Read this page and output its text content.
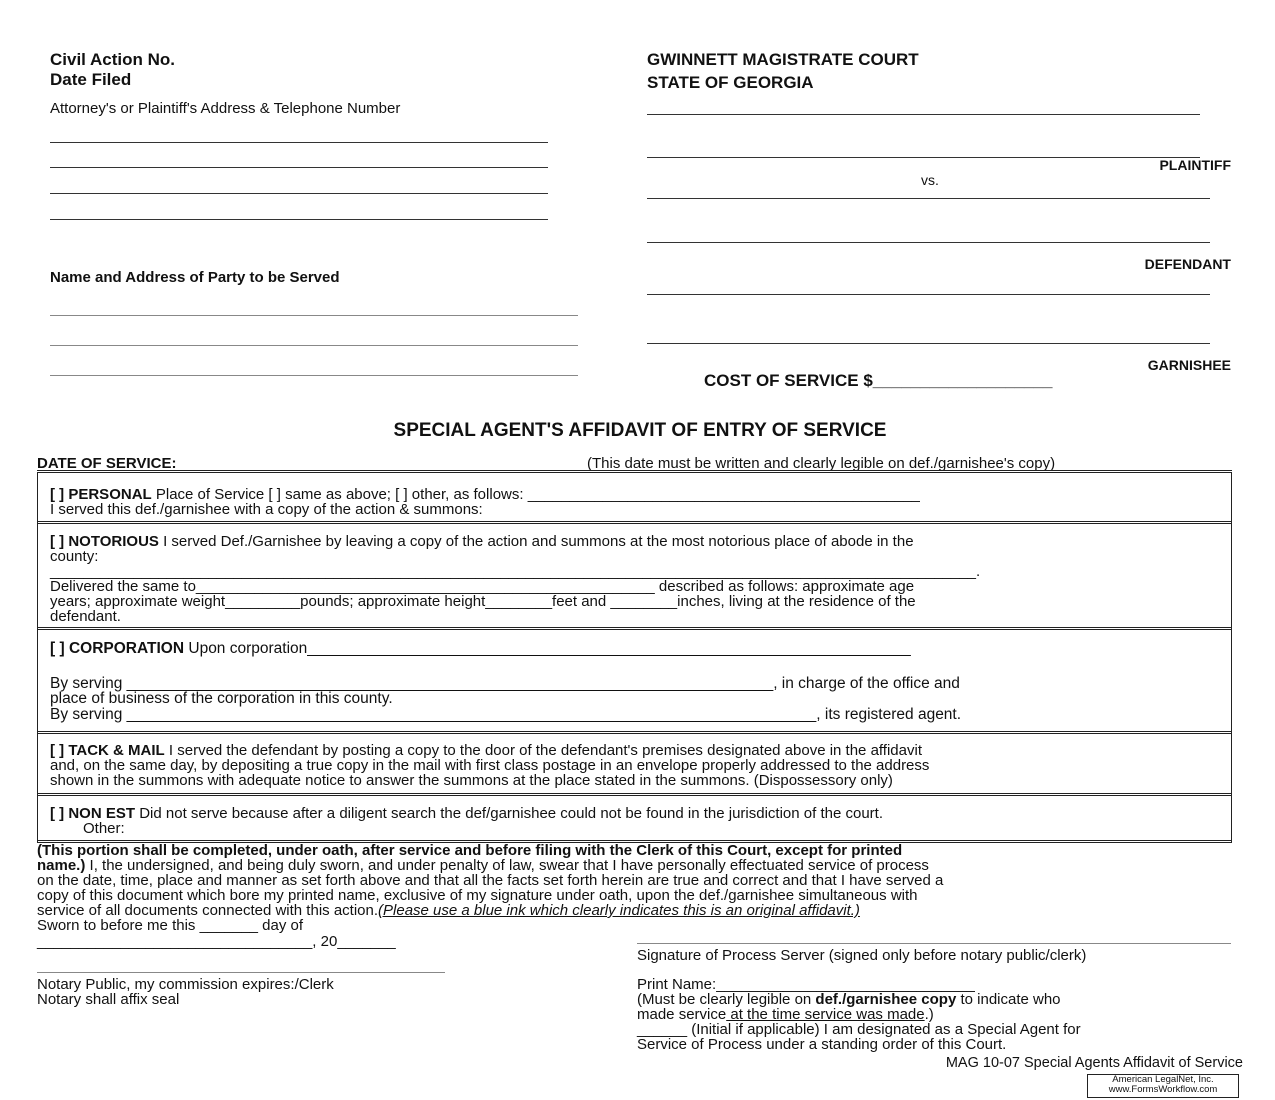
Civil Action No.
Date Filed
Attorney's or Plaintiff's Address & Telephone Number
Name and Address of Party to be Served
GWINNETT MAGISTRATE COURT
STATE OF GEORGIA
PLAINTIFF
vs.
DEFENDANT
GARNISHEE
COST OF SERVICE $___________________
SPECIAL AGENT'S AFFIDAVIT OF ENTRY OF SERVICE
DATE OF SERVICE:____________________________________	(This date must be written and clearly legible on def./garnishee's copy)
[ ] PERSONAL Place of Service [ ] same as above; [ ] other, as follows: _______________________________________________
I served this def./garnishee with a copy of the action & summons:
[ ] NOTORIOUS I served Def./Garnishee by leaving a copy of the action and summons at the most notorious place of abode in the
county:
_______________________________________________________________________________________________________________.
Delivered the same to_______________________________________________________ described as follows: approximate age
years; approximate weight_________pounds; approximate height________feet and ________inches, living at the residence of the
defendant.
[ ] CORPORATION Upon corporation______________________________________________________________________
By serving ___________________________________________________________________________, in charge of the office and
place of business of the corporation in this county.
By serving ________________________________________________________________________________, its registered agent.
[ ] TACK & MAIL I served the defendant by posting a copy to the door of the defendant's premises designated above in the affidavit
and, on the same day, by depositing a true copy in the mail with first class postage in an envelope properly addressed to the address
shown in the summons with adequate notice to answer the summons at the place stated in the summons. (Dispossessory only)
[ ] NON EST Did not serve because after a diligent search the def/garnishee could not be found in the jurisdiction of the court.
Other:
(This portion shall be completed, under oath, after service and before filing with the Clerk of this Court, except for printed
name.) I, the undersigned, and being duly sworn, and under penalty of law, swear that I have personally effectuated service of process
on the date, time, place and manner as set forth above and that all the facts set forth herein are true and correct and that I have served a
copy of this document which bore my printed name, exclusive of my signature under oath, upon the def./garnishee simultaneous with
service of all documents connected with this action.(Please use a blue ink which clearly indicates this is an original affidavit.)
Sworn to before me this _______ day of
_________________________________, 20_______
Notary Public, my commission expires:/Clerk
Notary shall affix seal
Signature of Process Server (signed only before notary public/clerk)
Print Name:_______________________________
(Must be clearly legible on def./garnishee copy to indicate who
made service at the time service was made.)
______ (Initial if applicable) I am designated as a Special Agent for
Service of Process under a standing order of this Court.
MAG 10-07 Special Agents Affidavit of Service
American LegalNet, Inc.
www.FormsWorkflow.com
